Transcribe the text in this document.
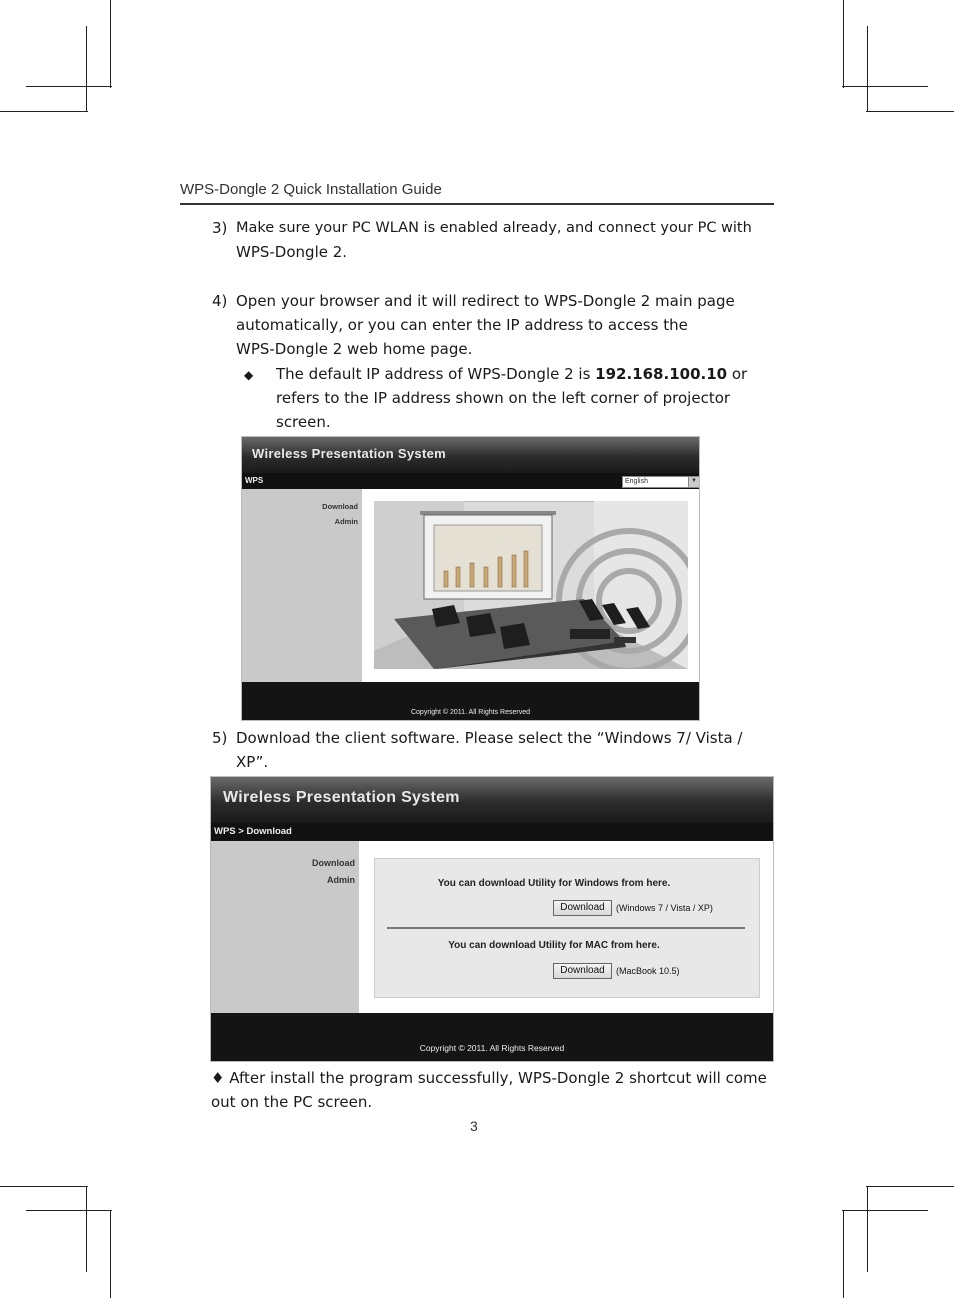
WPS-Dongle 2 Quick Installation Guide
3) Make sure your PC WLAN is enabled already, and connect your PC with
WPS-Dongle 2.
4) Open your browser and it will redirect to WPS-Dongle 2 main page
automatically, or you can enter the IP address to access the
WPS-Dongle 2 web home page.
◆ The default IP address of WPS-Dongle 2 is 192.168.100.10 or
refers to the IP address shown on the left corner of projector
screen.
Wireless Presentation System
WPS	English	▼
Download
Admin
Copyright © 2011. All Rights Reserved
5) Download the client software. Please select the “Windows 7/ Vista /
XP”.
Wireless Presentation System
WPS > Download
Download
Admin	You can download Utility for Windows from here.
Download	(Windows 7 / Vista / XP)
You can download Utility for MAC from here.
Download	(MacBook 10.5)
Copyright © 2011. All Rights Reserved
♦ After install the program successfully, WPS-Dongle 2 shortcut will come
out on the PC screen.
3
